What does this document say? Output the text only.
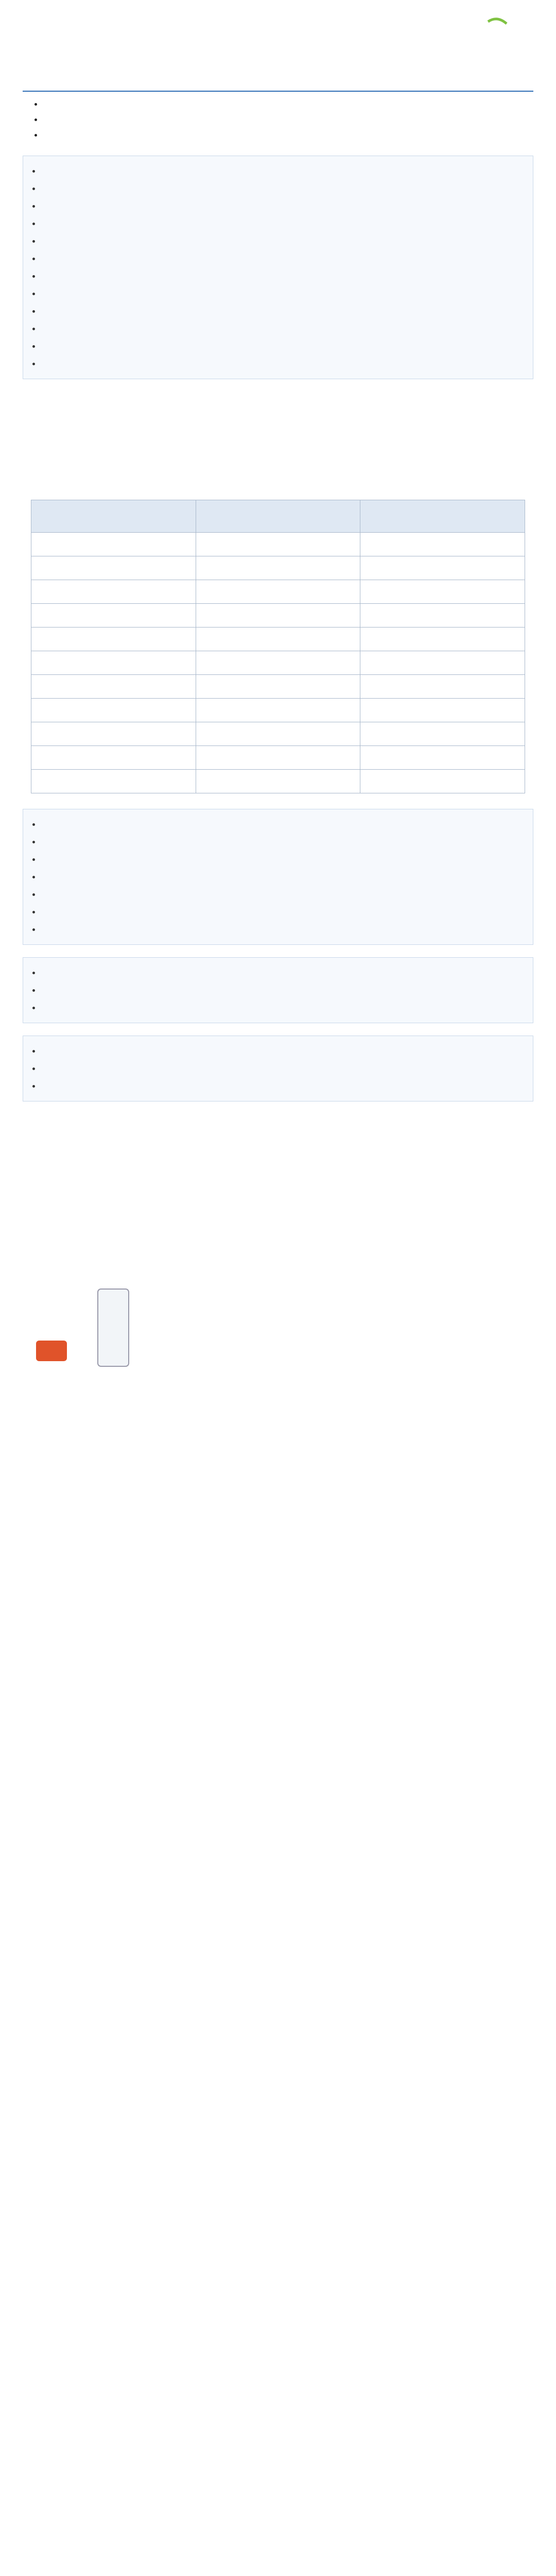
•
•
•
•
•
•
•
•
•
•
•
•
•
•
•

•
•
•
•
•
•
•
•
•
•
•
•
•
